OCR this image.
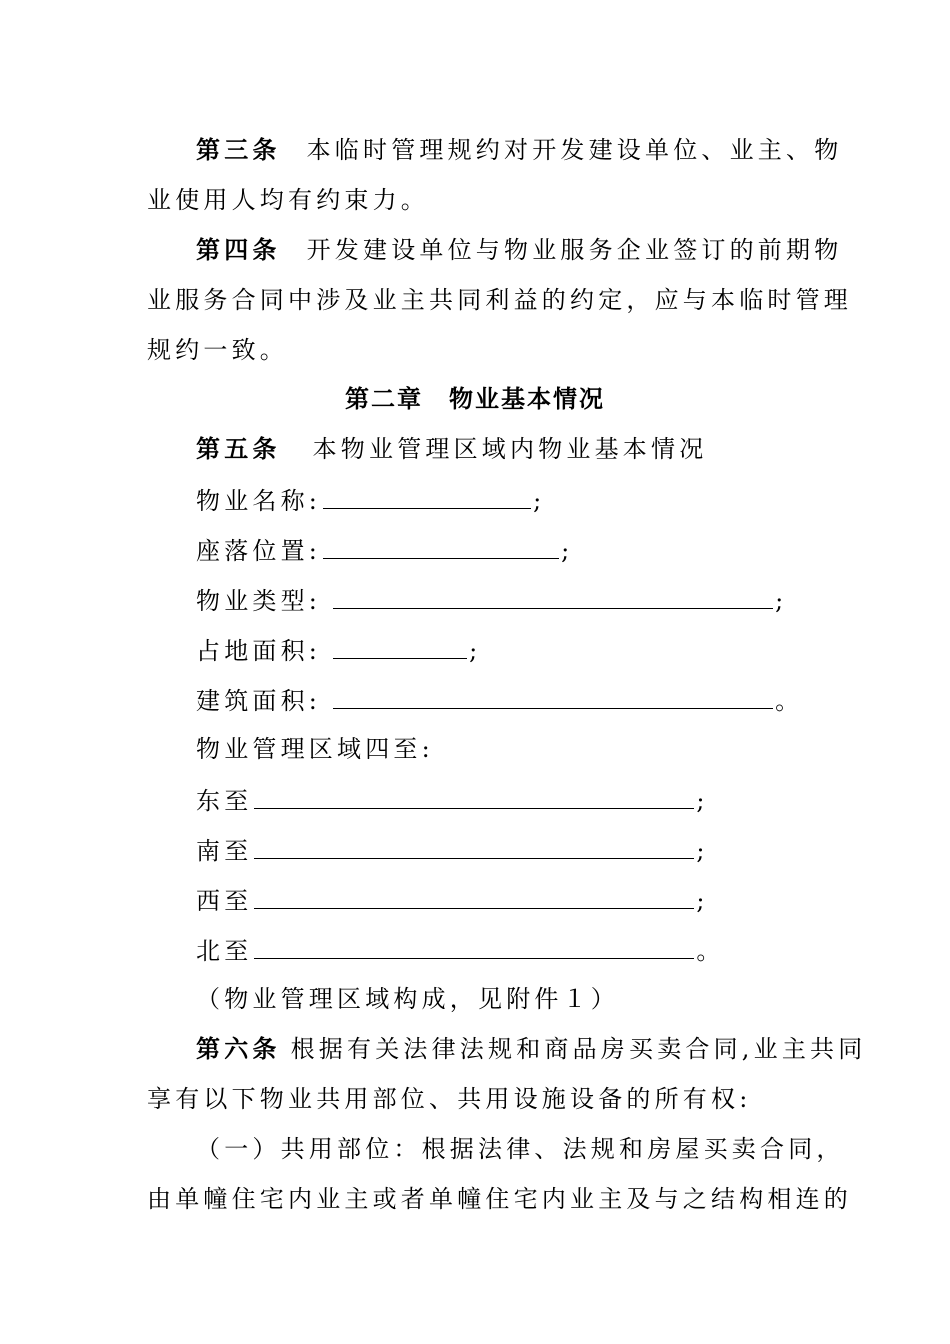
第三条 本临时管理规约对开发建设单位、业主、物
业使用人均有约束力。
第四条 开发建设单位与物业服务企业签订的前期物
业服务合同中涉及业主共同利益的约定，应与本临时管理
规约一致。
第二章　物业基本情况
第五条 本物业管理区域内物业基本情况
物业名称:	;
座落位置:	;
物业类型:	;
占地面积:	;
建筑面积:	。
物业管理区域四至:
东至	;
南至	;
西至	;
北至	。
（物业管理区域构成，见附件１）
第六条 根据有关法律法规和商品房买卖合同,业主共同
享有以下物业共用部位、共用设施设备的所有权:
（一）共用部位：根据法律、法规和房屋买卖合同，
由单幢住宅内业主或者单幢住宅内业主及与之结构相连的
